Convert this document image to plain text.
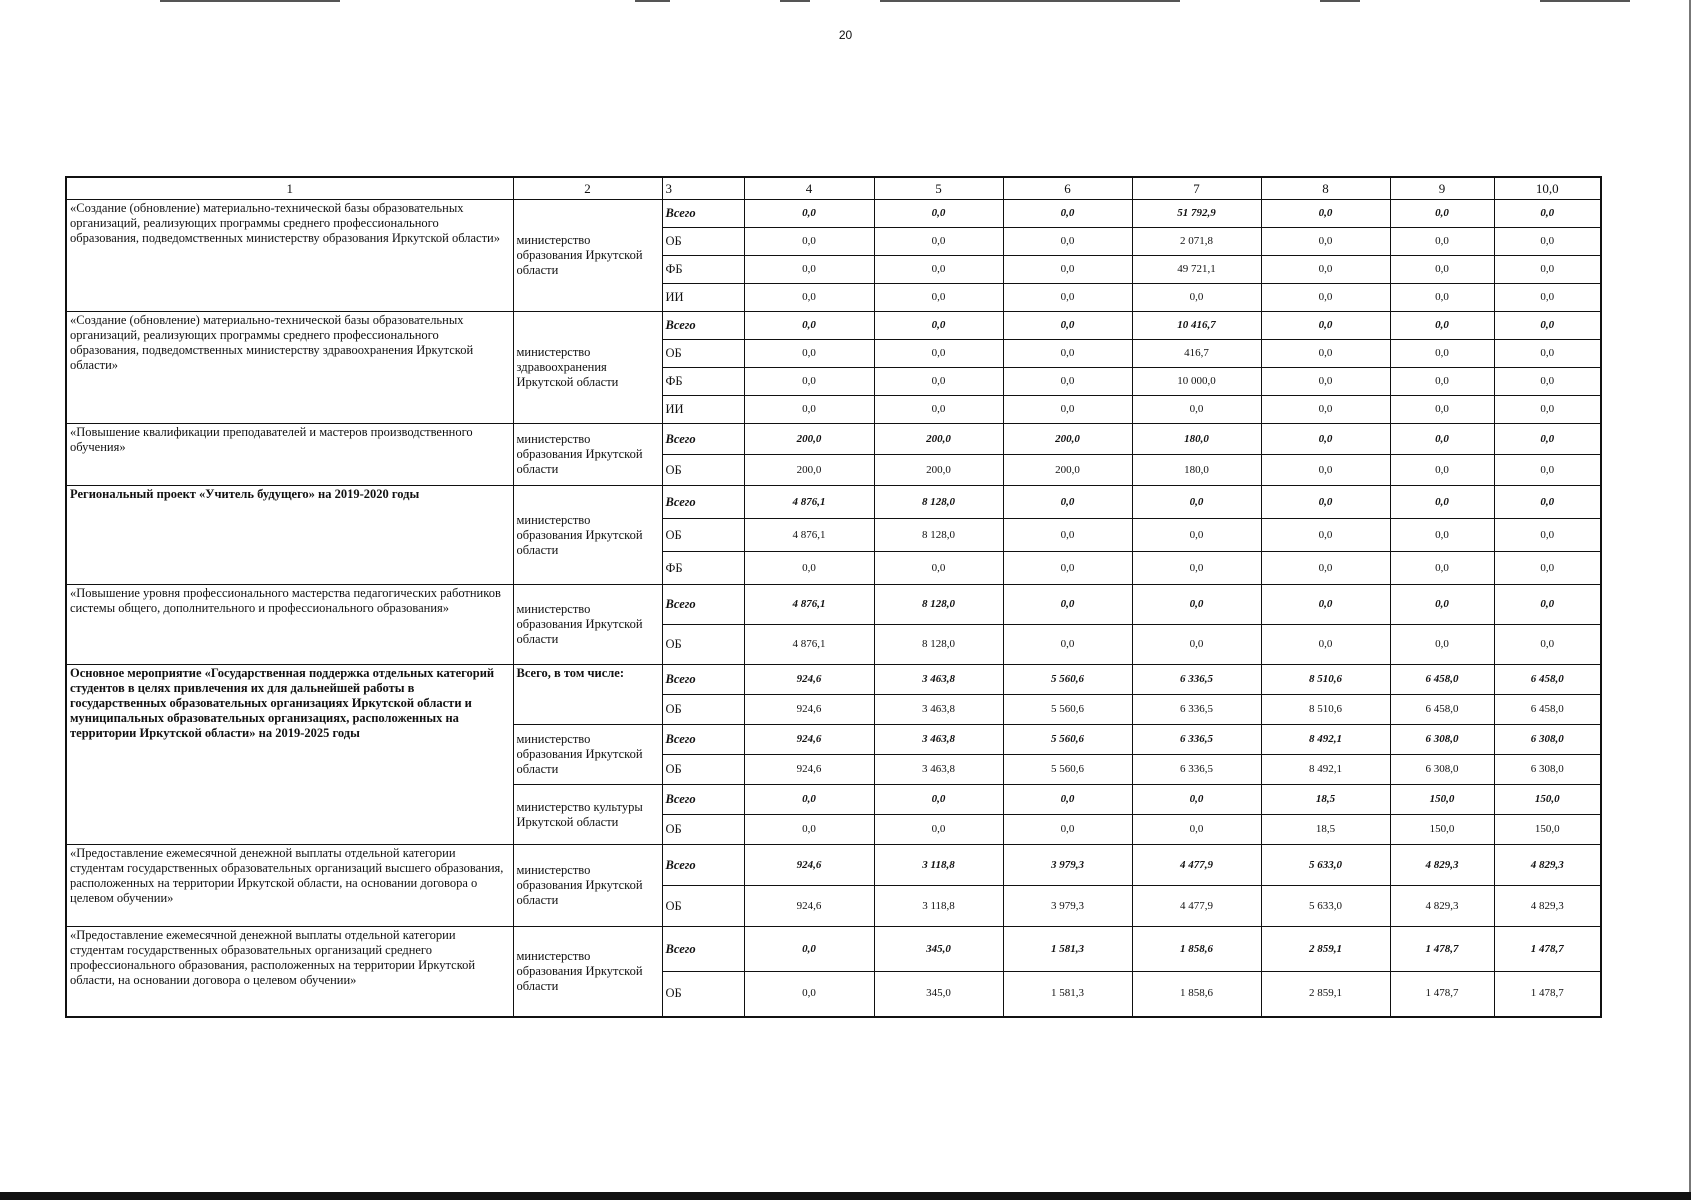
20
1	2	3	4	5	6	7	8	9	10,0
«Создание (обновление) материально-технической базы образовательных организаций, реализующих программы среднего профессионального образования, подведомственных министерству образования Иркутской области»	министерство образования Иркутской области	Всего	0,0	0,0	0,0	51 792,9	0,0	0,0	0,0
		ОБ	0,0	0,0	0,0	2 071,8	0,0	0,0	0,0
		ФБ	0,0	0,0	0,0	49 721,1	0,0	0,0	0,0
		ИИ	0,0	0,0	0,0	0,0	0,0	0,0	0,0
«Создание (обновление) материально-технической базы образовательных организаций, реализующих программы среднего профессионального образования, подведомственных министерству здравоохранения Иркутской области»	министерство здравоохранения Иркутской области	Всего	0,0	0,0	0,0	10 416,7	0,0	0,0	0,0
		ОБ	0,0	0,0	0,0	416,7	0,0	0,0	0,0
		ФБ	0,0	0,0	0,0	10 000,0	0,0	0,0	0,0
		ИИ	0,0	0,0	0,0	0,0	0,0	0,0	0,0
«Повышение квалификации преподавателей и мастеров производственного обучения»	министерство образования Иркутской области	Всего	200,0	200,0	200,0	180,0	0,0	0,0	0,0
		ОБ	200,0	200,0	200,0	180,0	0,0	0,0	0,0
Региональный проект «Учитель будущего» на 2019-2020 годы	министерство образования Иркутской области	Всего	4 876,1	8 128,0	0,0	0,0	0,0	0,0	0,0
		ОБ	4 876,1	8 128,0	0,0	0,0	0,0	0,0	0,0
		ФБ	0,0	0,0	0,0	0,0	0,0	0,0	0,0
«Повышение уровня профессионального мастерства педагогических работников системы общего, дополнительного и профессионального образования»	министерство образования Иркутской области	Всего	4 876,1	8 128,0	0,0	0,0	0,0	0,0	0,0
		ОБ	4 876,1	8 128,0	0,0	0,0	0,0	0,0	0,0
Основное мероприятие «Государственная поддержка отдельных категорий студентов в целях привлечения их для дальнейшей работы в государственных образовательных организациях Иркутской области и муниципальных образовательных организациях, расположенных на территории Иркутской области» на 2019-2025 годы	Всего, в том числе:	Всего	924,6	3 463,8	5 560,6	6 336,5	8 510,6	6 458,0	6 458,0
		ОБ	924,6	3 463,8	5 560,6	6 336,5	8 510,6	6 458,0	6 458,0
	министерство образования Иркутской области	Всего	924,6	3 463,8	5 560,6	6 336,5	8 492,1	6 308,0	6 308,0
		ОБ	924,6	3 463,8	5 560,6	6 336,5	8 492,1	6 308,0	6 308,0
	министерство культуры Иркутской области	Всего	0,0	0,0	0,0	0,0	18,5	150,0	150,0
		ОБ	0,0	0,0	0,0	0,0	18,5	150,0	150,0
«Предоставление ежемесячной денежной выплаты отдельной категории студентам государственных образовательных организаций высшего образования, расположенных на территории Иркутской области, на основании договора о целевом обучении»	министерство образования Иркутской области	Всего	924,6	3 118,8	3 979,3	4 477,9	5 633,0	4 829,3	4 829,3
		ОБ	924,6	3 118,8	3 979,3	4 477,9	5 633,0	4 829,3	4 829,3
«Предоставление ежемесячной денежной выплаты отдельной категории студентам государственных образовательных организаций среднего профессионального образования, расположенных на территории Иркутской области, на основании договора о целевом обучении»	министерство образования Иркутской области	Всего	0,0	345,0	1 581,3	1 858,6	2 859,1	1 478,7	1 478,7
		ОБ	0,0	345,0	1 581,3	1 858,6	2 859,1	1 478,7	1 478,7
